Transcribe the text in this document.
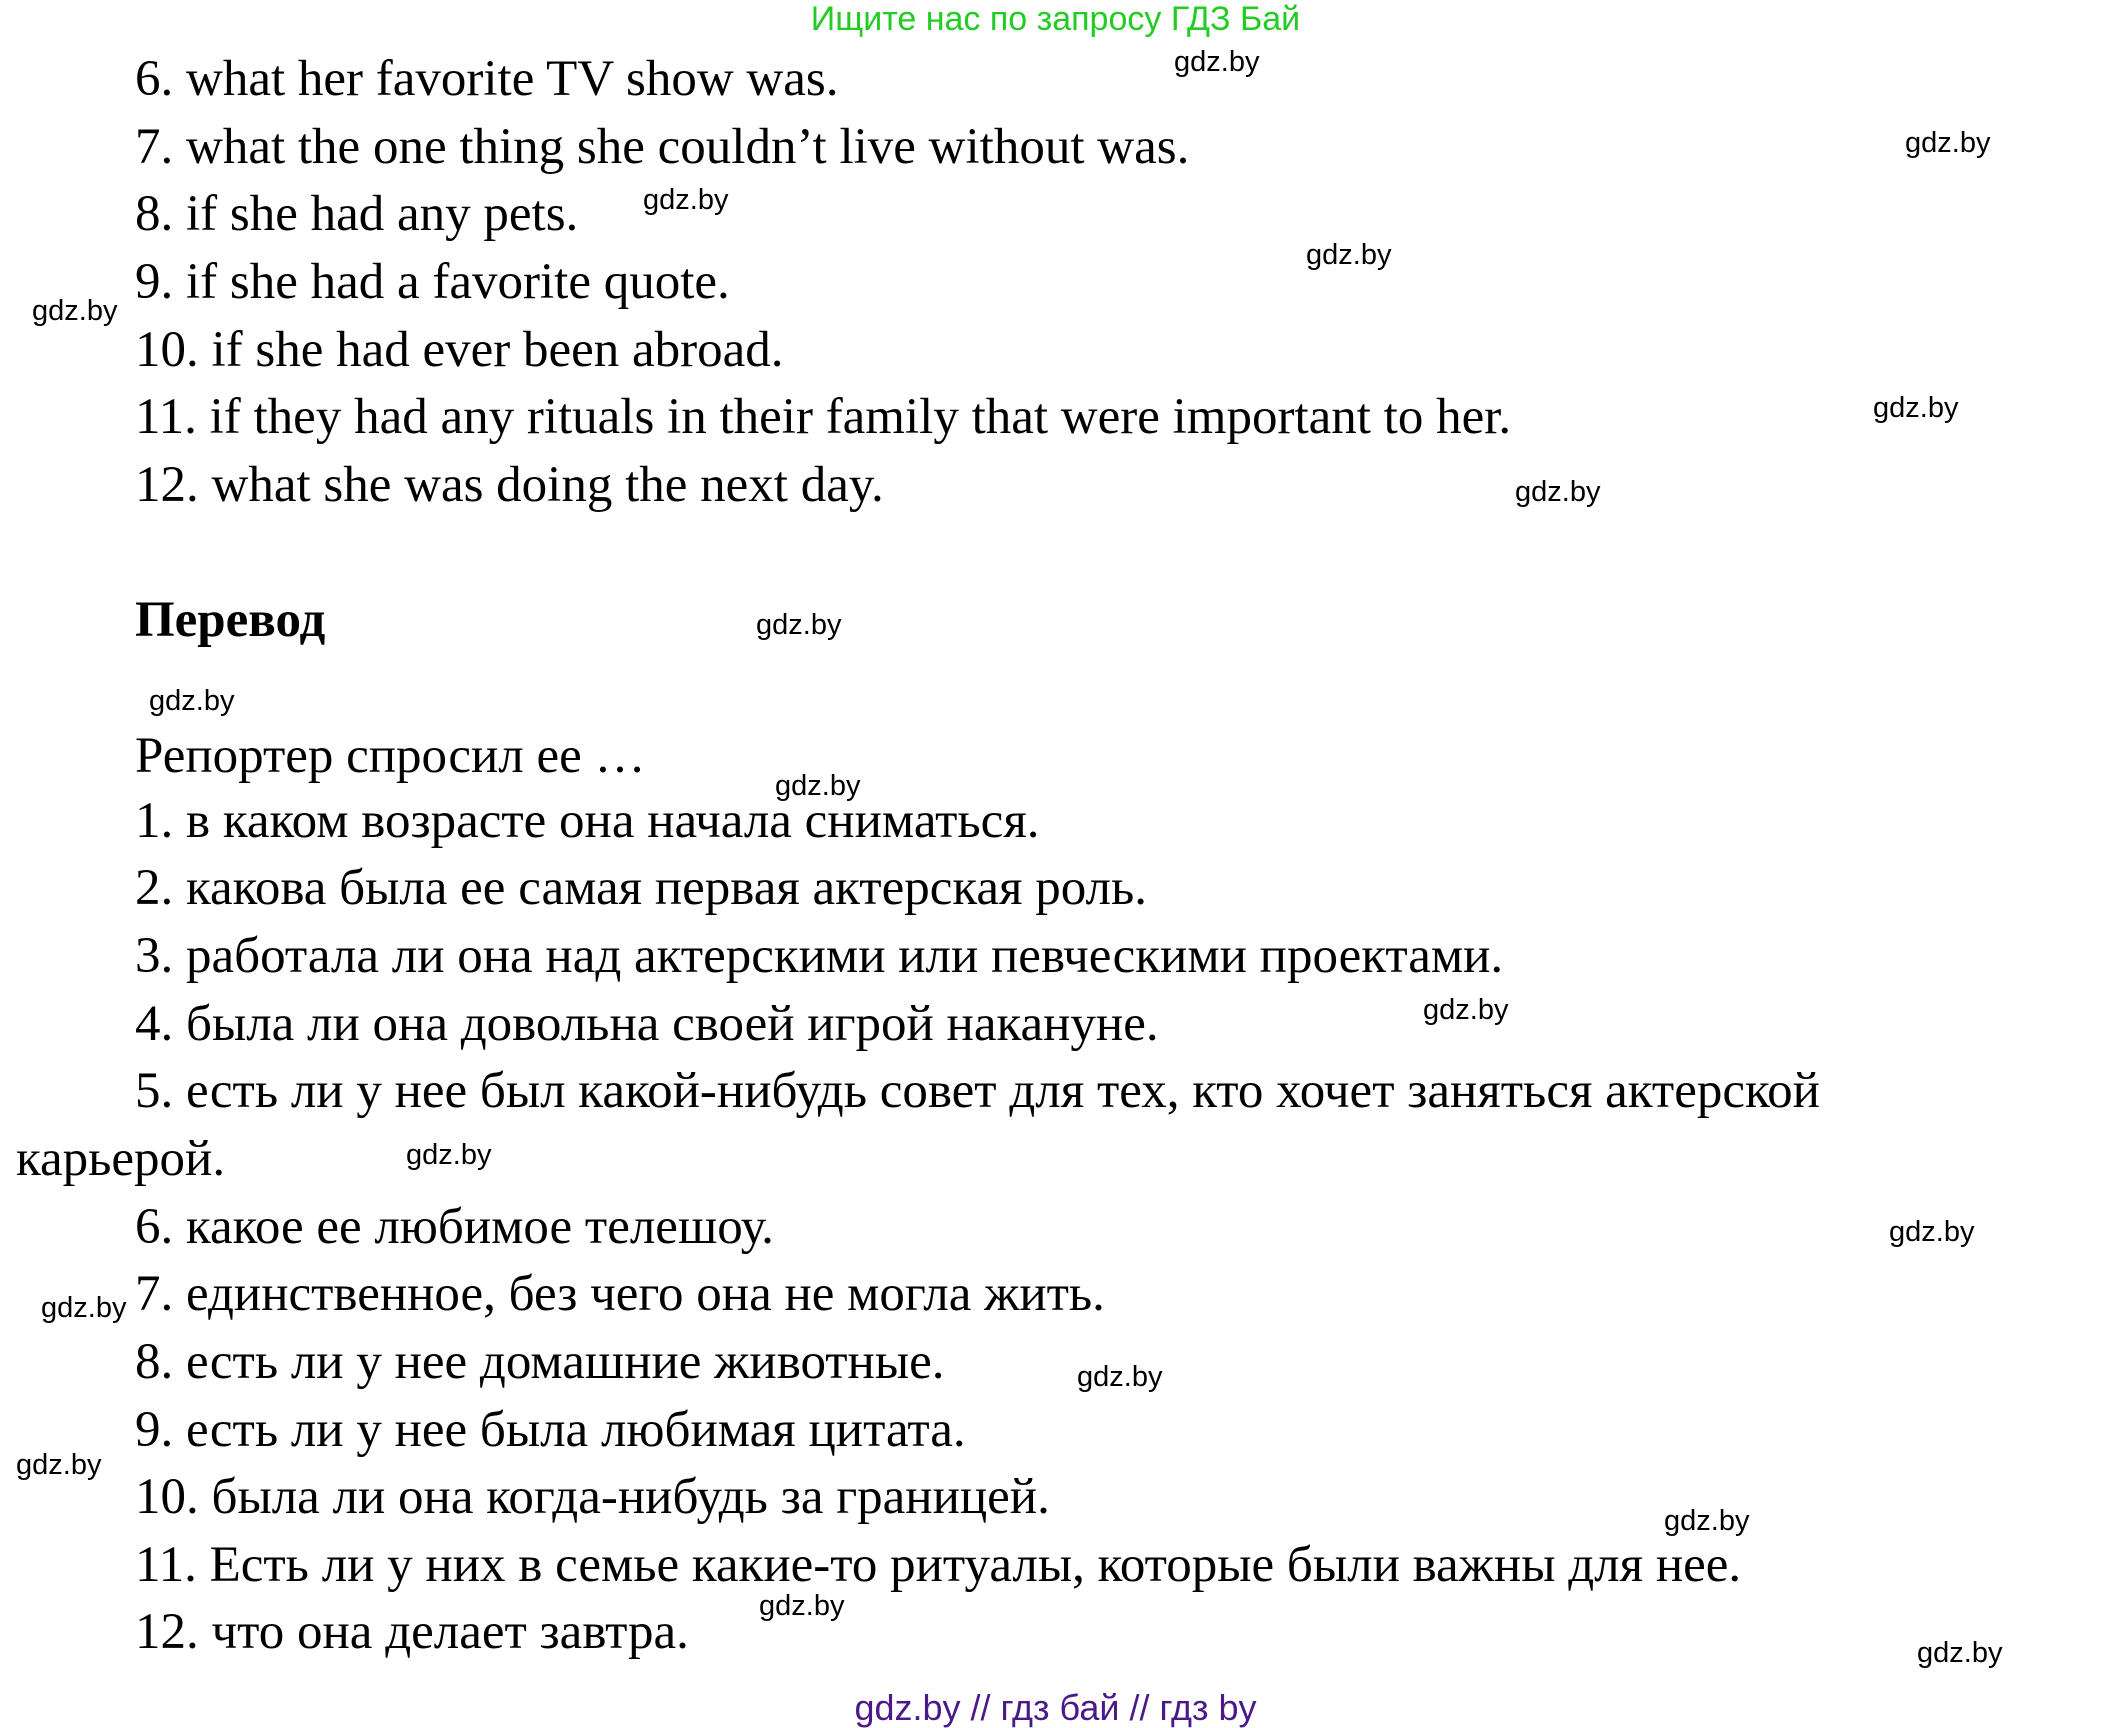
Ищите нас по запросу ГДЗ Бай
6. what her favorite TV show was.
7. what the one thing she couldn’t live without was.
8. if she had any pets.
9. if she had a favorite quote.
10. if she had ever been abroad.
11. if they had any rituals in their family that were important to her.
12. what she was doing the next day.
Перевод
Репортер спросил ее …
1. в каком возрасте она начала сниматься.
2. какова была ее самая первая актерская роль.
3. работала ли она над актерскими или певческими проектами.
4. была ли она довольна своей игрой накануне.
5. есть ли у нее был какой-нибудь совет для тех, кто хочет заняться актерской
карьерой.
6. какое ее любимое телешоу.
7. единственное, без чего она не могла жить.
8. есть ли у нее домашние животные.
9. есть ли у нее была любимая цитата.
10. была ли она когда-нибудь за границей.
11. Есть ли у них в семье какие-то ритуалы, которые были важны для нее.
12. что она делает завтра.
gdz.by
gdz.by
gdz.by
gdz.by
gdz.by
gdz.by
gdz.by
gdz.by
gdz.by
gdz.by
gdz.by
gdz.by
gdz.by
gdz.by
gdz.by
gdz.by
gdz.by
gdz.by
gdz.by
gdz.by // гдз бай // гдз by
